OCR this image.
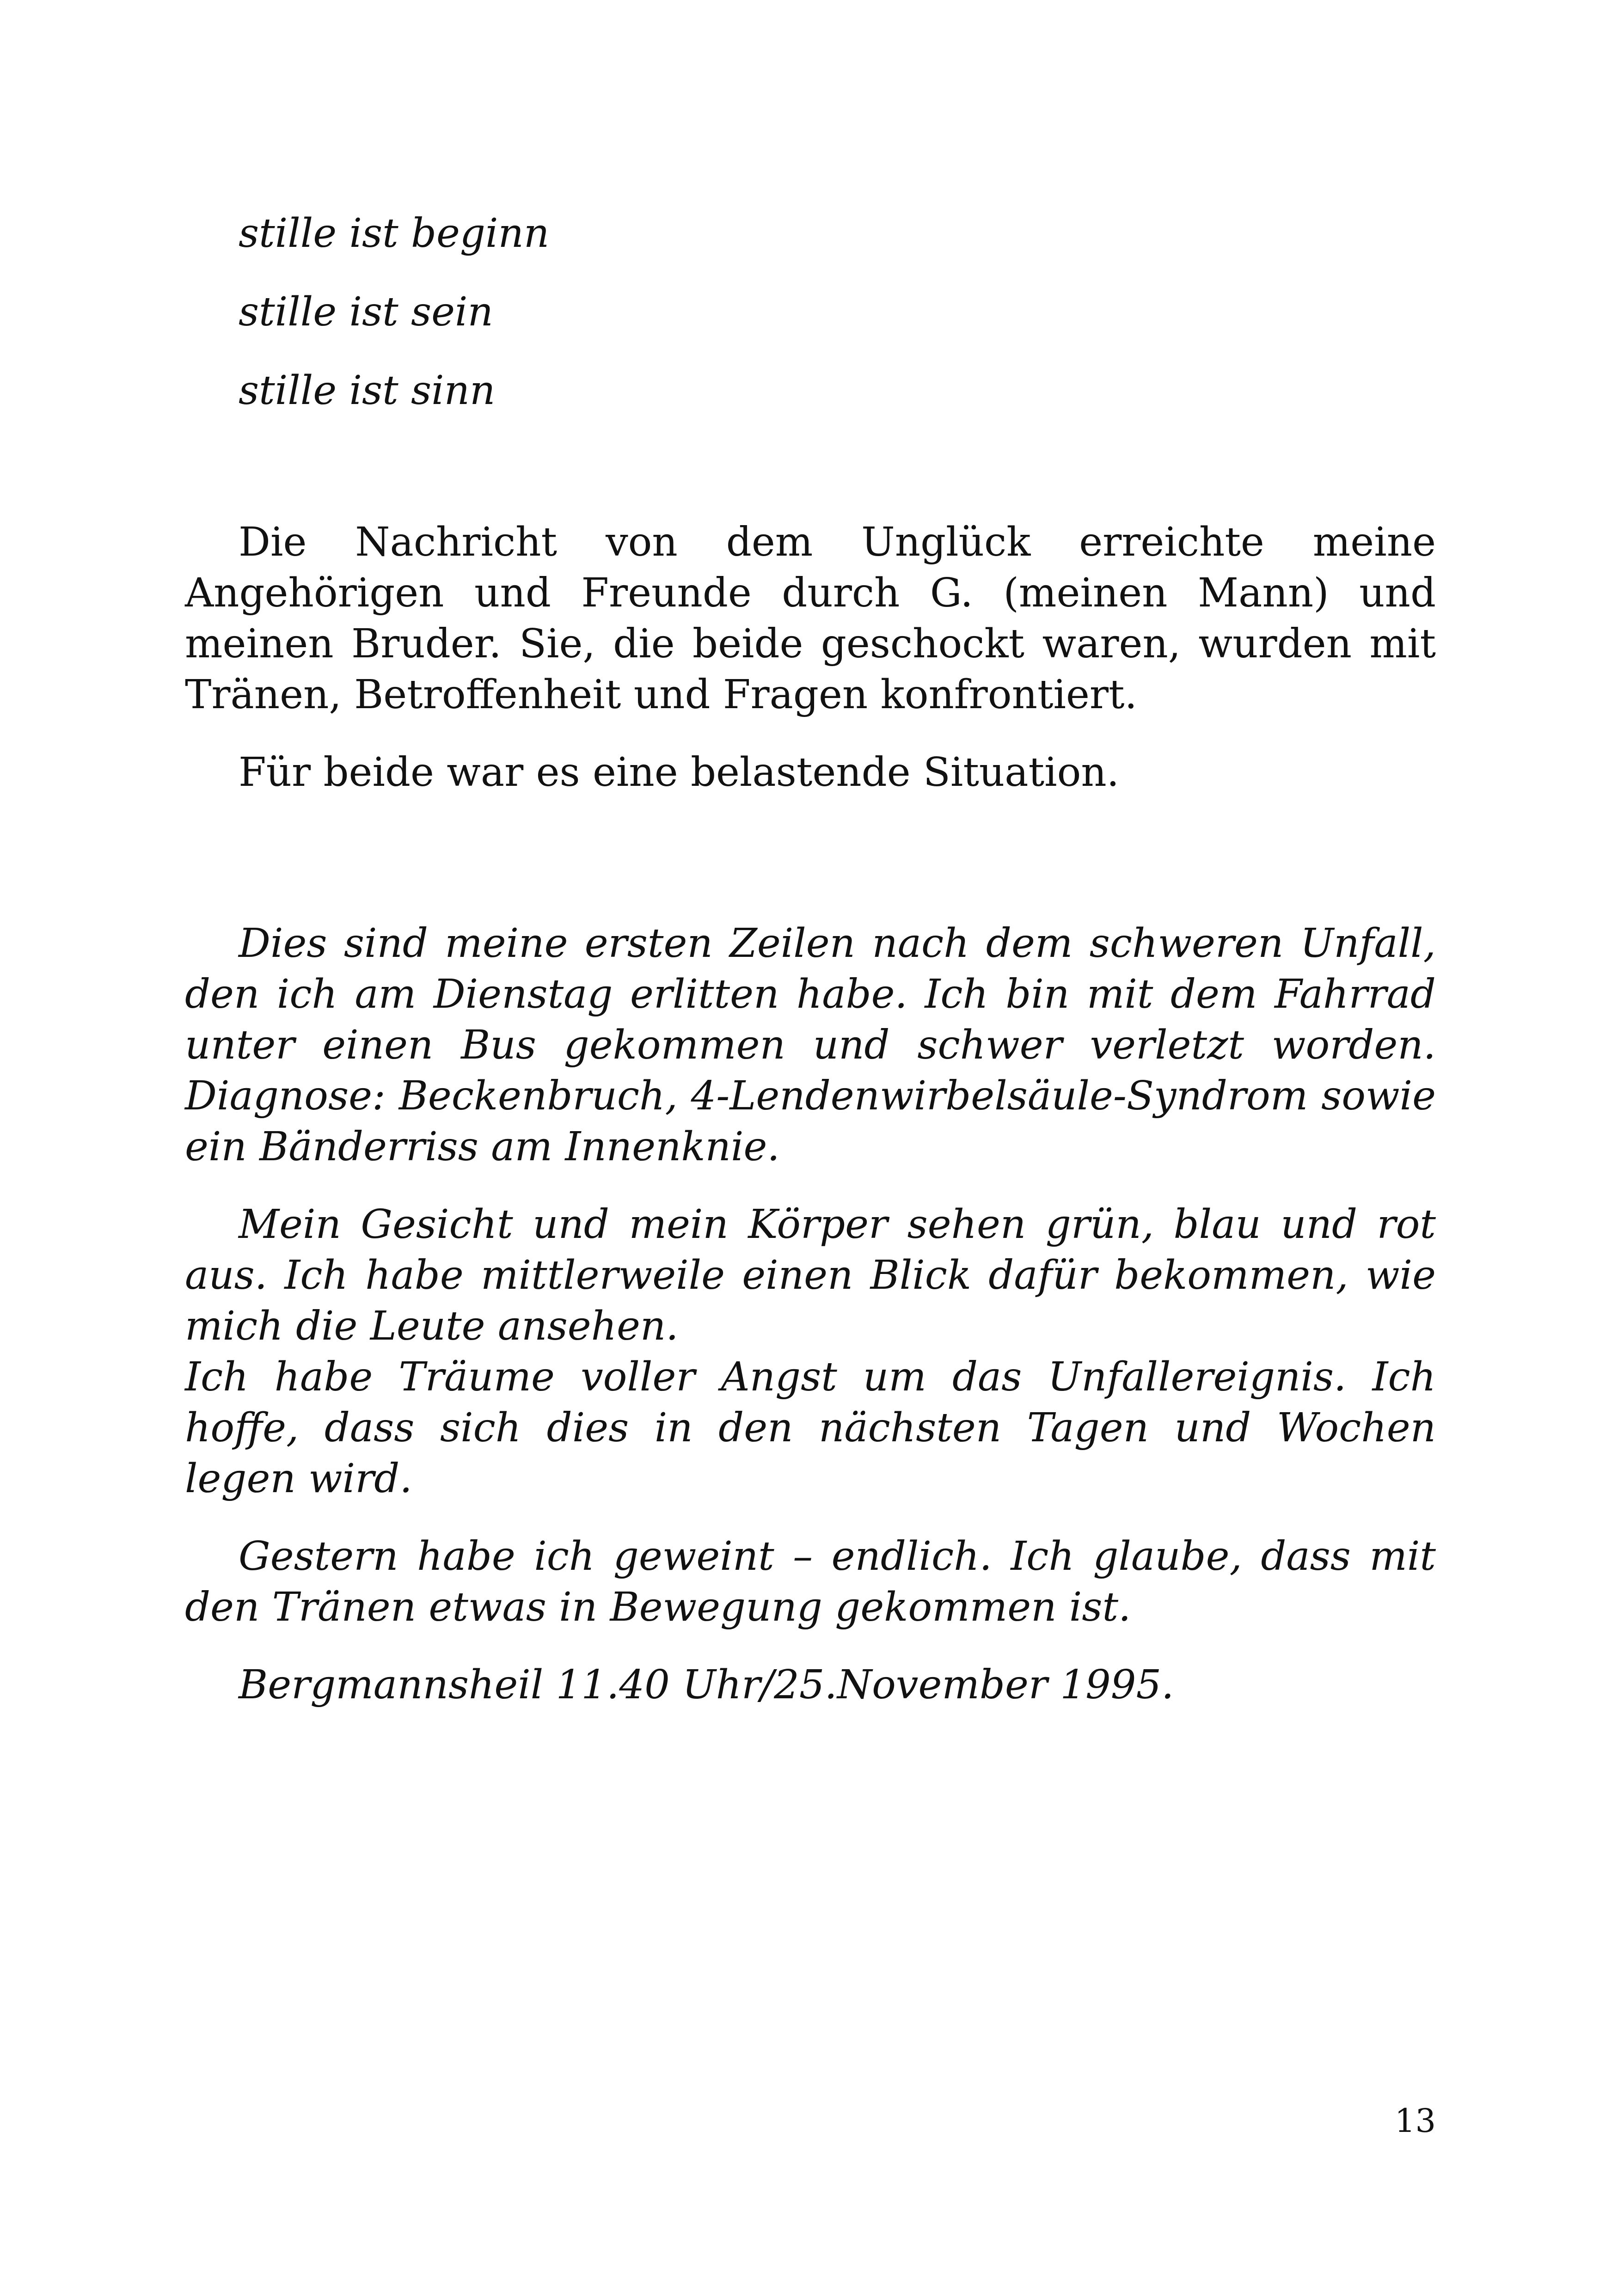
stille ist beginn
stille ist sein
stille ist sinn

Die Nachricht von dem Unglück erreichte meine Angehörigen und Freunde durch G. (meinen Mann) und meinen Bruder. Sie, die beide geschockt waren, wurden mit Tränen, Betroffenheit und Fragen konfrontiert.

Für beide war es eine belastende Situation.

Dies sind meine ersten Zeilen nach dem schweren Unfall, den ich am Dienstag erlitten habe. Ich bin mit dem Fahrrad unter einen Bus gekommen und schwer verletzt worden. Diagnose: Beckenbruch, 4-Lendenwirbelsäule-Syndrom sowie ein Bänderriss am Innenknie.

Mein Gesicht und mein Körper sehen grün, blau und rot aus. Ich habe mittlerweile einen Blick dafür bekommen, wie mich die Leute ansehen.
Ich habe Träume voller Angst um das Unfallereignis. Ich hoffe, dass sich dies in den nächsten Tagen und Wochen legen wird.

Gestern habe ich geweint – endlich. Ich glaube, dass mit den Tränen etwas in Bewegung gekommen ist.

Bergmannsheil 11.40 Uhr/25.November 1995.

13
